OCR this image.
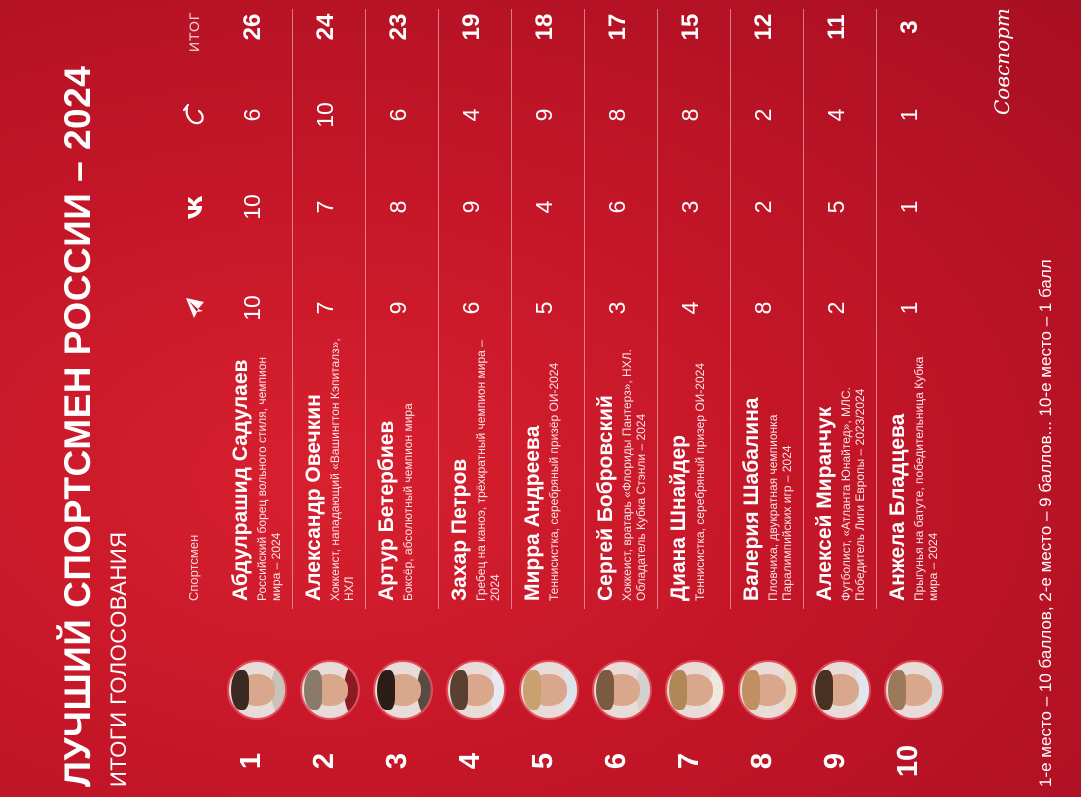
ЛУЧШИЙ СПОРТСМЕН РОССИИ – 2024 ИТОГИ ГОЛОСОВАНИЯ	Спортсмен
ИТОГ	Совспорт
1
Абдулрашид Садулаев Российский борец вольного стиля, чемпион мира – 2024
10
10
6
26
2
Александр Овечкин Хоккеист, нападающий «Вашингтон Кэпиталз», НХЛ
7
7
10
24
3
Артур Бетербиев Боксёр, абсолютный чемпион мира
9
8
6
23
4
Захар Петров Гребец на каноэ, трёхкратный чемпион мира – 2024
6
9
4
19
5
Мирра Андреева Теннисистка, серебряный призёр ОИ-2024
5
4
9
18
6
Сергей Бобровский Хоккеист, вратарь «Флориды Пантерз», НХЛ. Обладатель Кубка Стэнли – 2024
3
6
8
17
7
Диана Шнайдер Теннисистка, серебряный призер ОИ-2024
4
3
8
15
8
Валерия Шабалина Пловчиха, двукратная чемпионка Паралимпийских игр – 2024
8
2
2
12
9
Алексей Миранчук Футболист, «Атланта Юнайтед», МЛС. Победитель Лиги Европы – 2023/2024
2
5
4
11
10
Анжела Бладцева Прыгунья на батуте, победительница Кубка мира – 2024
1
1
1
3
1-е место – 10 баллов, 2-е место – 9 баллов... 10-е место – 1 балл
